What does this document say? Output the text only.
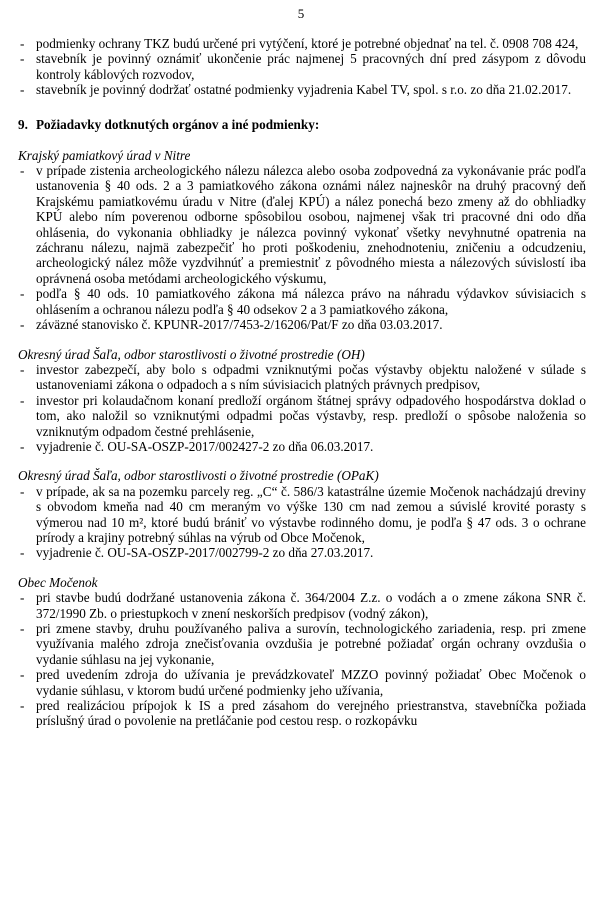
5
- podmienky ochrany TKZ budú určené pri vytýčení, ktoré je potrebné objednať na tel. č. 0908 708 424,
- stavebník je povinný oznámiť ukončenie prác najmenej 5 pracovných dní pred zásypom z dôvodu kontroly káblových rozvodov,
- stavebník je povinný dodržať ostatné podmienky vyjadrenia Kabel TV, spol. s r.o. zo dňa 21.02.2017.
9. Požiadavky dotknutých orgánov a iné podmienky:
Krajský pamiatkový úrad v Nitre
- v prípade zistenia archeologického nálezu nálezca alebo osoba zodpovedná za vykonávanie prác podľa ustanovenia § 40 ods. 2 a 3 pamiatkového zákona oznámi nález najneskôr na druhý pracovný deň Krajskému pamiatkovému úradu v Nitre (ďalej KPÚ) a nález ponechá bezo zmeny až do obhliadky KPÚ alebo ním poverenou odborne spôsobilou osobou, najmenej však tri pracovné dni odo dňa ohlásenia, do vykonania obhliadky je nálezca povinný vykonať všetky nevyhnutné opatrenia na záchranu nálezu, najmä zabezpečiť ho proti poškodeniu, znehodnoteniu, zničeniu a odcudzeniu, archeologický nález môže vyzdvihnúť a premiestniť z pôvodného miesta a nálezových súvislostí iba oprávnená osoba metódami archeologického výskumu,
- podľa § 40 ods. 10 pamiatkového zákona má nálezca právo na náhradu výdavkov súvisiacich s ohlásením a ochranou nálezu podľa § 40 odsekov 2 a 3 pamiatkového zákona,
- záväzné stanovisko č. KPUNR-2017/7453-2/16206/Pat/F zo dňa 03.03.2017.
Okresný úrad Šaľa, odbor starostlivosti o životné prostredie (OH)
- investor zabezpečí, aby bolo s odpadmi vzniknutými počas výstavby objektu naložené v súlade s ustanoveniami zákona o odpadoch a s ním súvisiacich platných právnych predpisov,
- investor pri kolaudačnom konaní predloží orgánom štátnej správy odpadového hospodárstva doklad o tom, ako naložil so vzniknutými odpadmi počas výstavby, resp. predloží o spôsobe naloženia so vzniknutým odpadom čestné prehlásenie,
- vyjadrenie č. OU-SA-OSZP-2017/002427-2 zo dňa 06.03.2017.
Okresný úrad Šaľa, odbor starostlivosti o životné prostredie (OPaK)
- v prípade, ak sa na pozemku parcely reg. „C“ č. 586/3 katastrálne územie Močenok nachádzajú dreviny s obvodom kmeňa nad 40 cm meraným vo výške 130 cm nad zemou a súvislé krovité porasty s výmerou nad 10 m², ktoré budú brániť vo výstavbe rodinného domu, je podľa § 47 ods. 3 o ochrane prírody a krajiny potrebný súhlas na výrub od Obce Močenok,
- vyjadrenie č. OU-SA-OSZP-2017/002799-2 zo dňa 27.03.2017.
Obec Močenok
- pri stavbe budú dodržané ustanovenia zákona č. 364/2004 Z.z. o vodách a o zmene zákona SNR č. 372/1990 Zb. o priestupkoch v znení neskorších predpisov (vodný zákon),
- pri zmene stavby, druhu používaného paliva a surovín, technologického zariadenia, resp. pri zmene využívania malého zdroja znečisťovania ovzdušia je potrebné požiadať orgán ochrany ovzdušia o vydanie súhlasu na jej vykonanie,
- pred uvedením zdroja do užívania je prevádzkovateľ MZZO povinný požiadať Obec Močenok o vydanie súhlasu, v ktorom budú určené podmienky jeho užívania,
- pred realizáciou prípojok k IS a pred zásahom do verejného priestranstva, stavebníčka požiada príslušný úrad o povolenie na pretláčanie pod cestou resp. o rozkopávku
